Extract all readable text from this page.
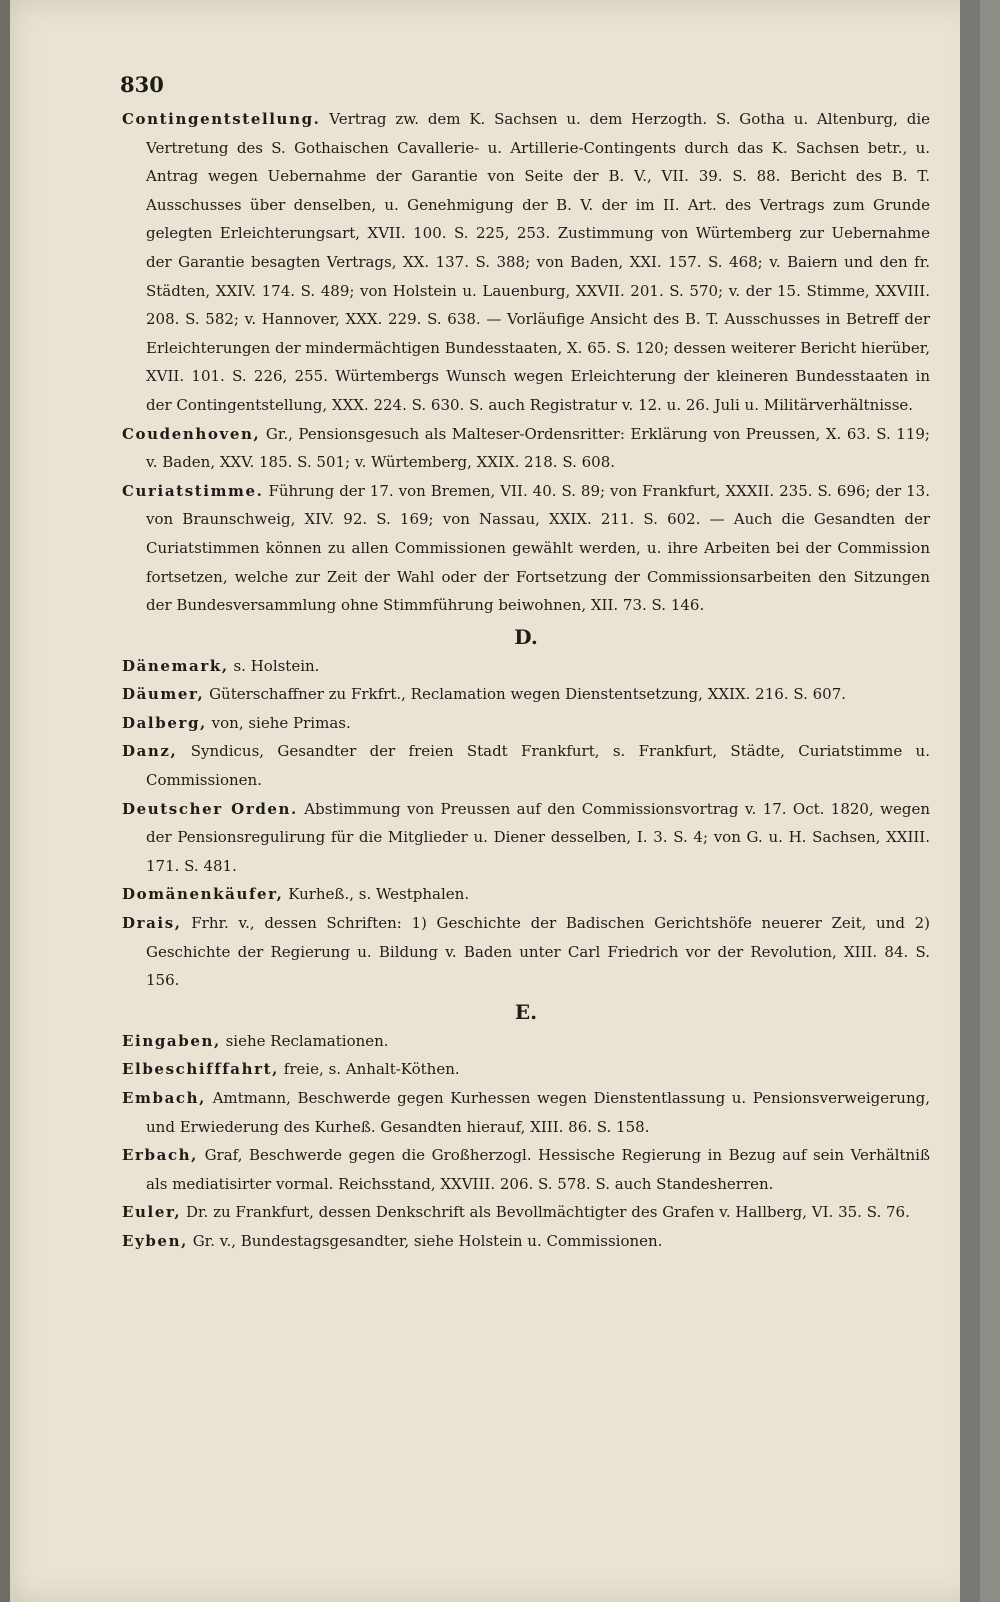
830

Contingentstellung. Vertrag zw. dem K. Sachsen u. dem Herzogth. S. Gotha u. Altenburg, die Vertretung des S. Gothaischen Cavallerie- u. Artillerie-Contingents durch das K. Sachsen betr., u. Antrag wegen Uebernahme der Garantie von Seite der B. V., VII. 39. S. 88. Bericht des B. T. Ausschusses über denselben, u. Genehmigung der B. V. der im II. Art. des Vertrags zum Grunde gelegten Erleichterungsart, XVII. 100. S. 225, 253. Zustimmung von Würtemberg zur Uebernahme der Garantie besagten Vertrags, XX. 137. S. 388; von Baden, XXI. 157. S. 468; v. Baiern und den fr. Städten, XXIV. 174. S. 489; von Holstein u. Lauenburg, XXVII. 201. S. 570; v. der 15. Stimme, XXVIII. 208. S. 582; v. Hannover, XXX. 229. S. 638. — Vorläufige Ansicht des B. T. Ausschusses in Betreff der Erleichterungen der mindermächtigen Bundesstaaten, X. 65. S. 120; dessen weiterer Bericht hierüber, XVII. 101. S. 226, 255. Würtembergs Wunsch wegen Erleichterung der kleineren Bundesstaaten in der Contingentstellung, XXX. 224. S. 630. S. auch Registratur v. 12. u. 26. Juli u. Militärverhältnisse.

Coudenhoven, Gr., Pensionsgesuch als Malteser-Ordensritter: Erklärung von Preussen, X. 63. S. 119; v. Baden, XXV. 185. S. 501; v. Würtemberg, XXIX. 218. S. 608.

Curiatstimme. Führung der 17. von Bremen, VII. 40. S. 89; von Frankfurt, XXXII. 235. S. 696; der 13. von Braunschweig, XIV. 92. S. 169; von Nassau, XXIX. 211. S. 602. — Auch die Gesandten der Curiatstimmen können zu allen Commissionen gewählt werden, u. ihre Arbeiten bei der Commission fortsetzen, welche zur Zeit der Wahl oder der Fortsetzung der Commissionsarbeiten den Sitzungen der Bundesversammlung ohne Stimmführung beiwohnen, XII. 73. S. 146.

D.

Dänemark, s. Holstein.

Däumer, Güterschaffner zu Frkfrt., Reclamation wegen Dienstentsetzung, XXIX. 216. S. 607.

Dalberg, von, siehe Primas.

Danz, Syndicus, Gesandter der freien Stadt Frankfurt, s. Frankfurt, Städte, Curiatstimme u. Commissionen.

Deutscher Orden. Abstimmung von Preussen auf den Commissionsvortrag v. 17. Oct. 1820, wegen der Pensionsregulirung für die Mitglieder u. Diener desselben, I. 3. S. 4; von G. u. H. Sachsen, XXIII. 171. S. 481.

Domänenkäufer, Kurheß., s. Westphalen.

Drais, Frhr. v., dessen Schriften: 1) Geschichte der Badischen Gerichtshöfe neuerer Zeit, und 2) Geschichte der Regierung u. Bildung v. Baden unter Carl Friedrich vor der Revolution, XIII. 84. S. 156.

E.

Eingaben, siehe Reclamationen.

Elbeschifffahrt, freie, s. Anhalt-Köthen.

Embach, Amtmann, Beschwerde gegen Kurhessen wegen Dienstentlassung u. Pensionsverweigerung, und Erwiederung des Kurheß. Gesandten hierauf, XIII. 86. S. 158.

Erbach, Graf, Beschwerde gegen die Großherzogl. Hessische Regierung in Bezug auf sein Verhältniß als mediatisirter vormal. Reichsstand, XXVIII. 206. S. 578. S. auch Standesherren.

Euler, Dr. zu Frankfurt, dessen Denkschrift als Bevollmächtigter des Grafen v. Hallberg, VI. 35. S. 76.

Eyben, Gr. v., Bundestagsgesandter, siehe Holstein u. Commissionen.
